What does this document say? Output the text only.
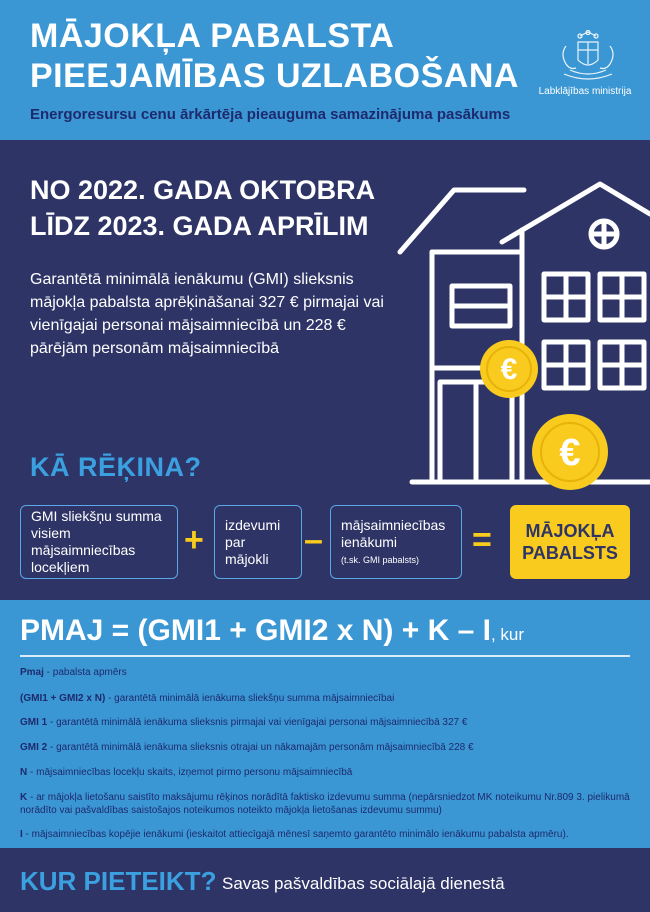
MĀJOKĻA PABALSTA
PIEEJAMĪBAS UZLABOŠANA
Energoresursu cenu ārkārtēja pieauguma samazinājuma pasākums
Labklājības ministrija
NO 2022. GADA OKTOBRA
LĪDZ 2023. GADA APRĪLIM
Garantētā minimālā ienākumu (GMI) slieksnis mājokļa pabalsta aprēķināšanai 327 € pirmajai vai vienīgajai personai mājsaimniecībā un 228 € pārējām personām mājsaimniecībā
€
€
KĀ RĒĶINA?
GMI sliekšņu summa visiem mājsaimniecības locekļiem
+ izdevumi par mājokli	– mājsaimniecības ienākumi
(t.sk. GMI pabalsts)
=	MĀJOKĻA PABALSTS
PMAJ = (GMI1 + GMI2 x N) + K – I, kur
Pmaj - pabalsta apmērs
(GMI1 + GMI2 x N) - garantētā minimālā ienākuma sliekšņu summa mājsaimniecībai
GMI 1 - garantētā minimālā ienākuma slieksnis pirmajai vai vienīgajai personai mājsaimniecībā 327 €
GMI 2 - garantētā minimālā ienākuma slieksnis otrajai un nākamajām personām mājsaimniecībā 228 €
N - mājsaimniecības locekļu skaits, izņemot pirmo personu mājsaimniecībā
K - ar mājokļa lietošanu saistīto maksājumu rēķinos norādītā faktisko izdevumu summa (nepārsniedzot MK noteikumu Nr.809 3. pielikumā norādīto vai pašvaldības saistošajos noteikumos noteikto mājokļa lietošanas izdevumu summu)
I - mājsaimniecības kopējie ienākumi (ieskaitot attiecīgajā mēnesī saņemto garantēto minimālo ienākumu pabalsta apmēru).
KUR PIETEIKT? Savas pašvaldības sociālajā dienestā
